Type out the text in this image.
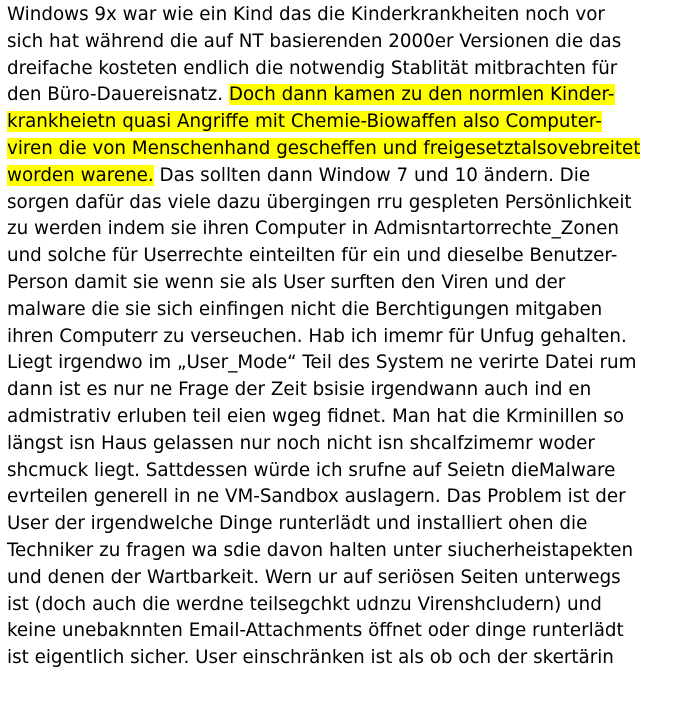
Windows 9x war wie ein Kind das die Kinderkrankheiten noch vor
sich hat während die auf NT basierenden 2000er Versionen die das
dreifache kosteten endlich die notwendig Stablität mitbrachten für
den Büro-Dauereisnatz. Doch dann kamen zu den normlen Kinder-
krankheietn quasi Angriffe mit Chemie-Biowaffen also Computer-
viren die von Menschenhand gescheffen und freigesetztalsovebreitet
worden warene. Das sollten dann Window 7 und 10 ändern. Die
sorgen dafür das viele dazu übergingen rru gespleten Persönlichkeit
zu werden indem sie ihren Computer in Admisntartorrechte_Zonen
und solche für Userrechte einteilten für ein und dieselbe Benutzer-
Person damit sie wenn sie als User surften den Viren und der
malware die sie sich einfingen nicht die Berchtigungen mitgaben
ihren Computerr zu verseuchen. Hab ich imemr für Unfug gehalten.
Liegt irgendwo im „User_Mode“ Teil des System ne verirte Datei rum
dann ist es nur ne Frage der Zeit bsisie irgendwann auch ind en
admistrativ erluben teil eien wgeg fidnet. Man hat die Krminillen so
längst isn Haus gelassen nur noch nicht isn shcalfzimemr woder
shcmuck liegt. Sattdessen würde ich srufne auf Seietn dieMalware
evrteilen generell in ne VM-Sandbox auslagern. Das Problem ist der
User der irgendwelche Dinge runterlädt und installiert ohen die
Techniker zu fragen wa sdie davon halten unter siucherheistapekten
und denen der Wartbarkeit. Wern ur auf seriösen Seiten unterwegs
ist (doch auch die werdne teilsegchkt udnzu Virenshcludern) und
keine unebaknnten Email-Attachments öffnet oder dinge runterlädt
ist eigentlich sicher. User einschränken ist als ob och der skertärin
